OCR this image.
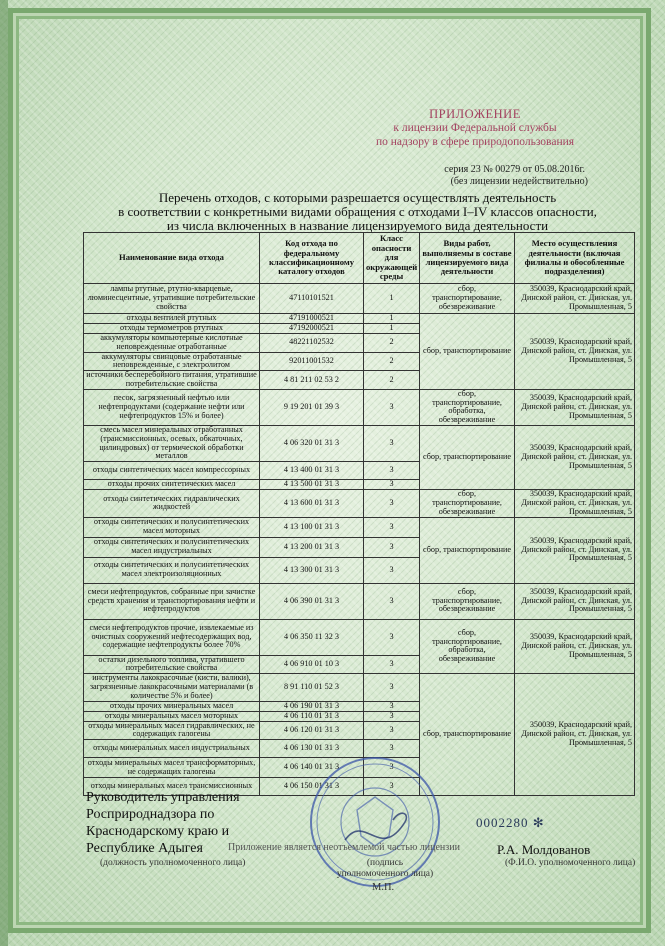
ПРИЛОЖЕНИЕ
к лицензии Федеральной службы
по надзору в сфере природопользования
серия 23 № 00279 от 05.08.2016г.
(без лицензии недействительно)
Перечень отходов, с которыми разрешается осуществлять деятельность
в соответствии с конкретными видами обращения с отходами I–IV классов опасности,
из числа включенных в название лицензируемого вида деятельности
Наименование вида отхода	Код отхода по федеральному классификационному каталогу отходов	Класс опасности для окружающей среды	Виды работ, выполняемы в составе лицензируемого вида деятельности	Место осуществления деятельности (включая филиалы и обособленные подразделения)
лампы ртутные, ртутно-кварцевые, люминесцентные, утратившие потребительские свойства	47110101521	1	сбор, транспортирование, обезвреживание	350039, Краснодарский край, Динской район, ст. Динская, ул. Промышленная, 5
отходы вентилей ртутных	47191000521	1	сбор, транспортирование	350039, Краснодарский край, Динской район, ст. Динская, ул. Промышленная, 5
отходы термометров ртутных	47192000521	1		
аккумуляторы компьютерные кислотные неповрежденные отработанные	48221102532	2		
аккумуляторы свинцовые отработанные неповрежденные, с электролитом	92011001532	2		
источники бесперебойного питания, утратившие потребительские свойства	4 81 211 02 53 2	2		
песок, загрязненный нефтью или нефтепродуктами (содержание нефти или нефтепродуктов 15% и более)	9 19 201 01 39 3	3	сбор, транспортирование, обработка, обезвреживание	350039, Краснодарский край, Динской район, ст. Динская, ул. Промышленная, 5
смесь масел минеральных отработанных (трансмиссионных, осевых, обкаточных, цилиндровых) от термической обработки металлов	4 06 320 01 31 3	3	сбор, транспортирование	350039, Краснодарский край, Динской район, ст. Динская, ул. Промышленная, 5
отходы синтетических масел компрессорных	4 13 400 01 31 3	3		
отходы прочих синтетических масел	4 13 500 01 31 3	3		
отходы синтетических гидравлических жидкостей	4 13 600 01 31 3	3	сбор, транспортирование, обезвреживание	350039, Краснодарский край, Динской район, ст. Динская, ул. Промышленная, 5
отходы синтетических и полусинтетических масел моторных	4 13 100 01 31 3	3	сбор, транспортирование	350039, Краснодарский край, Динской район, ст. Динская, ул. Промышленная, 5
отходы синтетических и полусинтетических масел индустриальных	4 13 200 01 31 3	3		
отходы синтетических и полусинтетических масел электроизоляционных	4 13 300 01 31 3	3		
смеси нефтепродуктов, собранные при зачистке средств хранения и транспортирования нефти и нефтепродуктов	4 06 390 01 31 3	3	сбор, транспортирование, обезвреживание	350039, Краснодарский край, Динской район, ст. Динская, ул. Промышленная, 5
смеси нефтепродуктов прочие, извлекаемые из очистных сооружений нефтесодержащих вод, содержащие нефтепродукты более 70%	4 06 350 11 32 3	3	сбор, транспортирование, обработка, обезвреживание	350039, Краснодарский край, Динской район, ст. Динская, ул. Промышленная, 5
остатки дизельного топлива, утратившего потребительские свойства	4 06 910 01 10 3	3		
инструменты лакокрасочные (кисти, валики), загрязненные лакокрасочными материалами (в количестве 5% и более)	8 91 110 01 52 3	3	сбор, транспортирование	350039, Краснодарский край, Динской район, ст. Динская, ул. Промышленная, 5
отходы прочих минеральных масел	4 06 190 01 31 3	3		
отходы минеральных масел моторных	4 06 110 01 31 3	3		
отходы минеральных масел гидравлических, не содержащих галогены	4 06 120 01 31 3	3		
отходы минеральных масел индустриальных	4 06 130 01 31 3	3		
отходы минеральных масел трансформаторных, не содержащих галогены	4 06 140 01 31 3	3		
отходы минеральных масел трансмиссионных	4 06 150 01 31 3	3		
Руководитель управления
Росприроднадзора по
Краснодарскому краю и
Республике Адыгея
0002280 ✻
Приложение является неотъемлемой частью лицензии	Р.А. Молдованов
(должность уполномоченного лица)	(подпись уполномоченного лица)
(Ф.И.О. уполномоченного лица)
М.П.
